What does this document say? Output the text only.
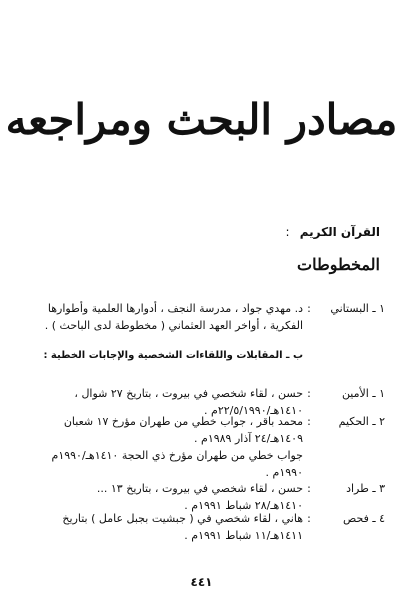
مصادر البحث ومراجعه
القرآن الكريم :
المخطوطات
١ ـ البستاني
:
د. مهدي جواد ، مدرسة النجف ، أدوارها العلمية وأطوارها
الفكرية ، أواخر العهد العثماني ( مخطوطة لدى الباحث ) .
ب ـ المقابلات واللقاءات الشخصية والإجابات الخطية :
١ ـ الأمين
:
حسن ، لقاء شخصي في بيروت ، بتاريخ ٢٧ شوال ،
١٤١٠هـ/٢٢/٥/١٩٩٠م .
٢ ـ الحكيم
:
محمد باقر ، جواب خطي من طهران مؤرخ ١٧ شعبان
١٤٠٩هـ/٢٤ آذار ١٩٨٩م .
جواب خطي من طهران مؤرخ ذي الحجة ١٤١٠هـ/١٩٩٠م
١٩٩٠م .
٣ ـ طراد
:
حسن ، لقاء شخصي في بيروت ، بتاريخ ١٣ ...
١٤١٠هـ/٢٨ شباط ١٩٩١م .
٤ ـ فحص
:
هاني ، لقاء شخصي في ( جبشيت بجبل عامل ) بتاريخ
١٤١١هـ/١١ شباط ١٩٩١م .
٤٤١
